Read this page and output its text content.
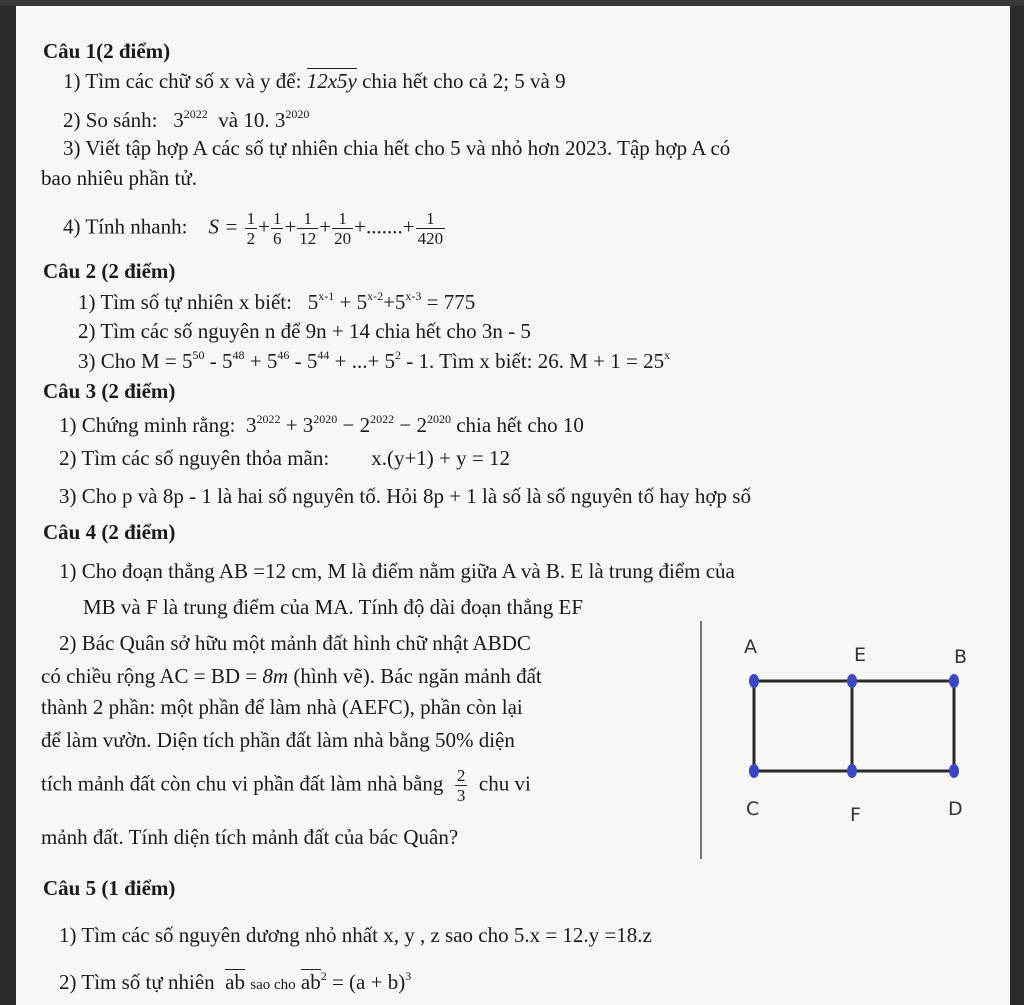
Câu 1(2 điểm)
1) Tìm các chữ số x và y để: 12x5y chia hết cho cả 2; 5 và 9
2) So sánh: $3^{2022}$ và 10. $3^{2020}$
3) Viết tập hợp A các số tự nhiên chia hết cho 5 và nhỏ hơn 2023. Tập hợp A có
bao nhiêu phần tử.
4) Tính nhanh: $S = \frac{1}{2} + \frac{1}{6} + \frac{1}{12} + \frac{1}{20}$ +.......+ $\frac{1}{420}$
Câu 2 (2 điểm)
1) Tìm số tự nhiên x biết: $5^{x-1} + 5^{x-2}+5^{x-3} = 775$
2) Tìm các số nguyên n để 9n + 14 chia hết cho 3n - 5
3) Cho $M = 5^{50} - 5^{48} + 5^{46} - 5^{44}$ + ...+ $5^2 - 1$. Tìm x biết: 26. $M + 1 = 25^x$
Câu 3 (2 điểm)
1) Chứng minh rằng: $3^{2022} + 3^{2020} - 2^{2022} - 2^{2020}$ chia hết cho 10
2) Tìm các số nguyên thỏa mãn: x.(y+1) + y = 12
3) Cho p và 8p - 1 là hai số nguyên tố. Hỏi 8p + 1 là số là số nguyên tố hay hợp số
Câu 4 (2 điểm)
1) Cho đoạn thẳng AB =12 cm, M là điểm nằm giữa A và B. E là trung điểm của
MB và F là trung điểm của MA. Tính độ dài đoạn thẳng EF
2) Bác Quân sở hữu một mảnh đất hình chữ nhật ABDC
có chiều rộng AC = BD = 8m (hình vẽ). Bác ngăn mảnh đất
thành 2 phần: một phần để làm nhà (AEFC), phần còn lại
để làm vườn. Diện tích phần đất làm nhà bằng 50% diện
tích mảnh đất còn chu vi phần đất làm nhà bằng $\frac{2}{3}$ chu vi
mảnh đất. Tính diện tích mảnh đất của bác Quân?
A	E	B
C	F	D
Câu 5 (1 điểm)
1) Tìm các số nguyên dương nhỏ nhất x, y , z sao cho 5.x = 12.y =18.z
2) Tìm số tự nhiên ab sao cho $ab^2 = (a + b)^3$
